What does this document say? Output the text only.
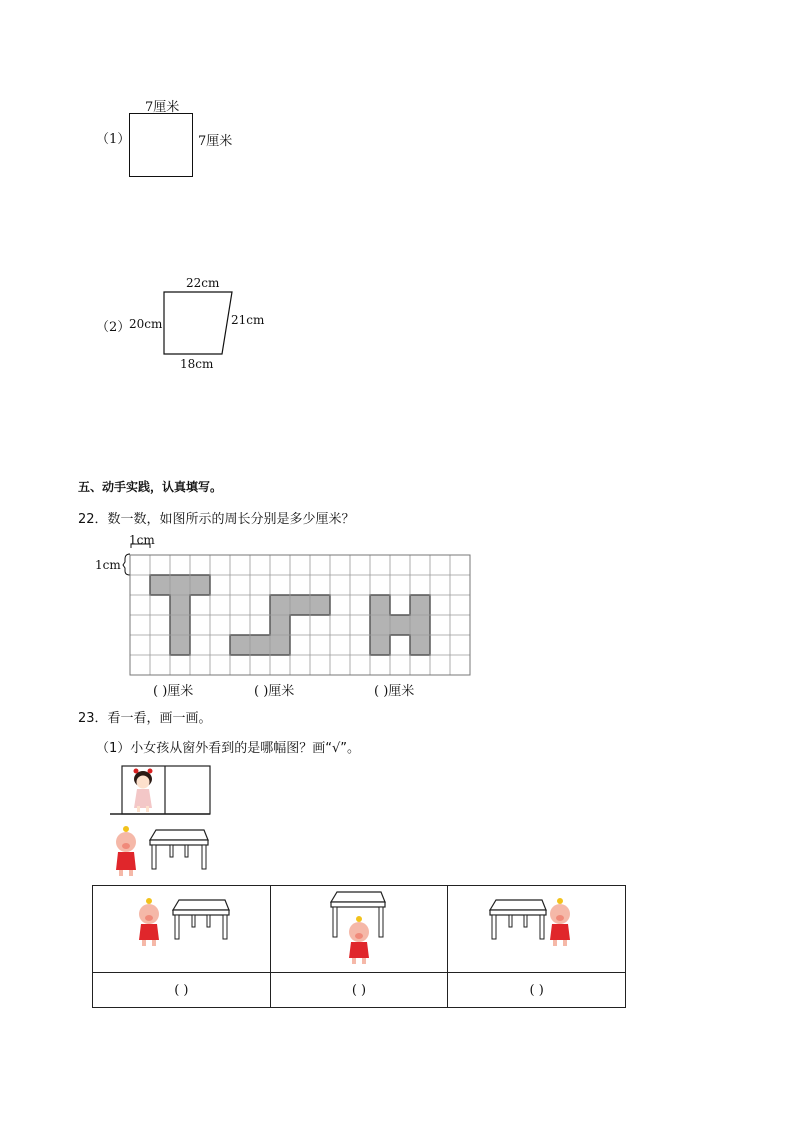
（1）
7厘米
7厘米
（2）
22cm
20cm	21cm
18cm
五、动手实践，认真填写。
22．数一数，如图所示的周长分别是多少厘米？
1cm
1cm
( )厘米	( )厘米	( )厘米
23．看一看，画一画。
（1）小女孩从窗外看到的是哪幅图？画“√”。

( )	( )	( )
